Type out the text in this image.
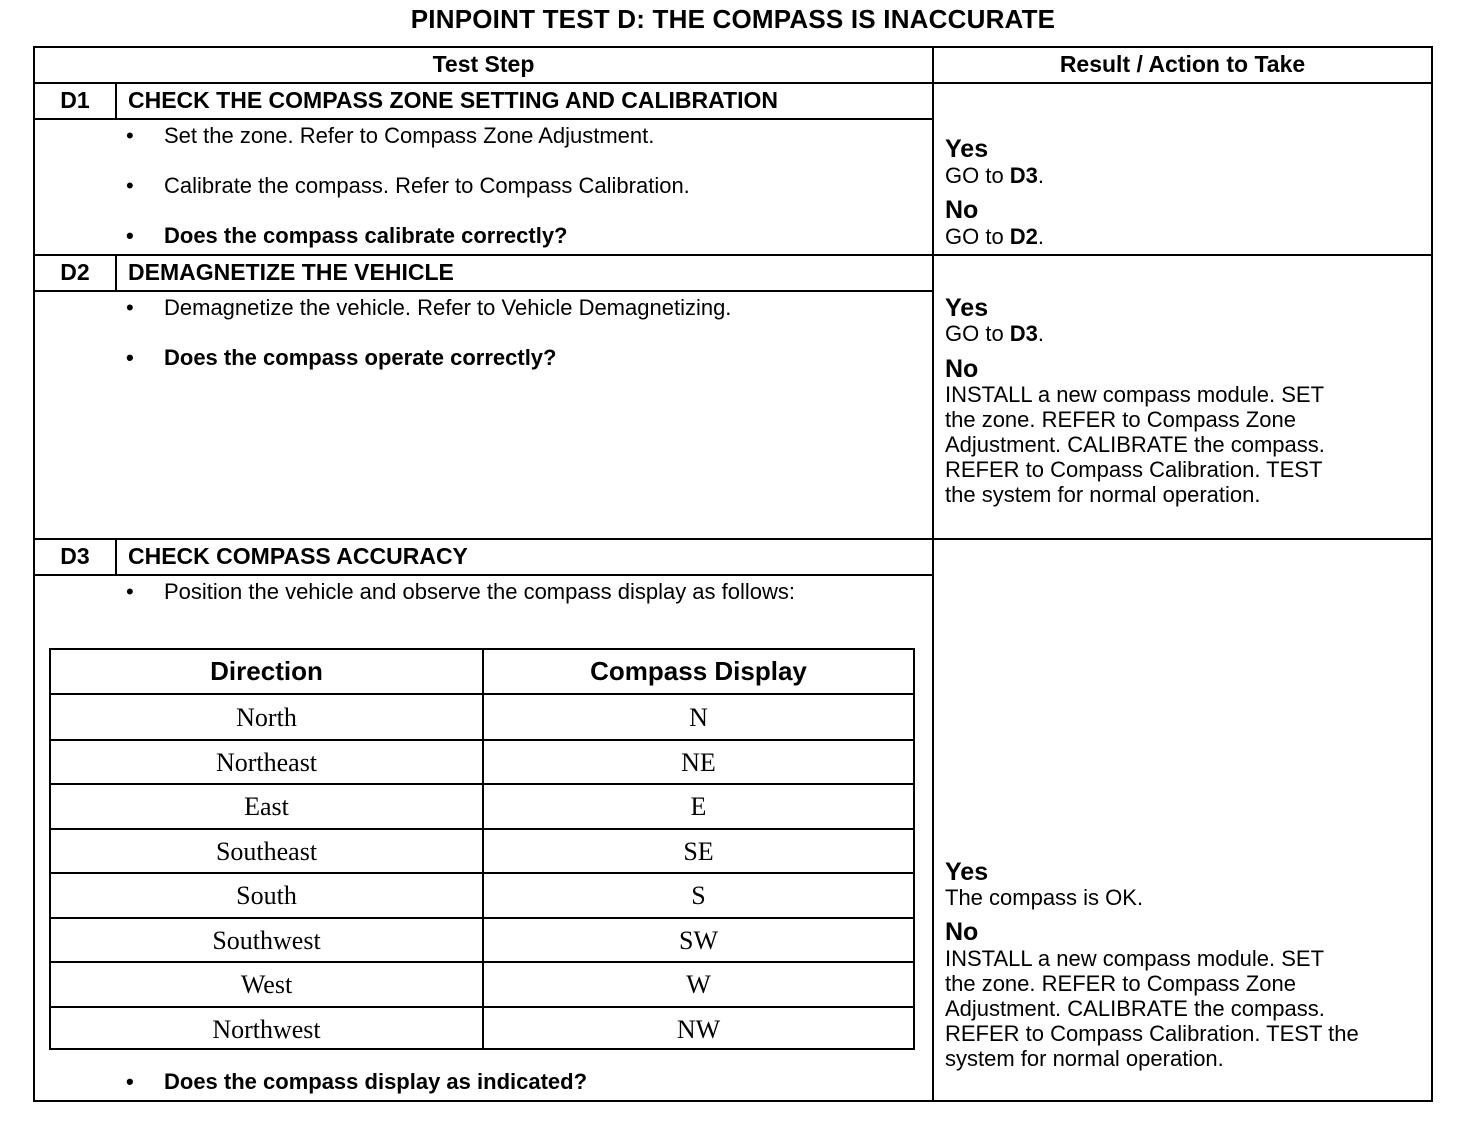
PINPOINT TEST D: THE COMPASS IS INACCURATE
Test Step	Result / Action to Take
D1	CHECK THE COMPASS ZONE SETTING AND CALIBRATION
• Set the zone. Refer to Compass Zone Adjustment.
• Calibrate the compass. Refer to Compass Calibration.
• Does the compass calibrate correctly?
Yes
GO to D3.
No
GO to D2.
D2	DEMAGNETIZE THE VEHICLE
• Demagnetize the vehicle. Refer to Vehicle Demagnetizing.
• Does the compass operate correctly?
Yes
GO to D3.
No
INSTALL a new compass module. SET
the zone. REFER to Compass Zone
Adjustment. CALIBRATE the compass.
REFER to Compass Calibration. TEST
the system for normal operation.
D3	CHECK COMPASS ACCURACY
• Position the vehicle and observe the compass display as follows:
Direction	Compass Display
North	N
Northeast	NE
East	E
Southeast	SE
South	S
Southwest	SW
West	W
Northwest	NW
• Does the compass display as indicated?
Yes
The compass is OK.
No
INSTALL a new compass module. SET
the zone. REFER to Compass Zone
Adjustment. CALIBRATE the compass.
REFER to Compass Calibration. TEST the
system for normal operation.
